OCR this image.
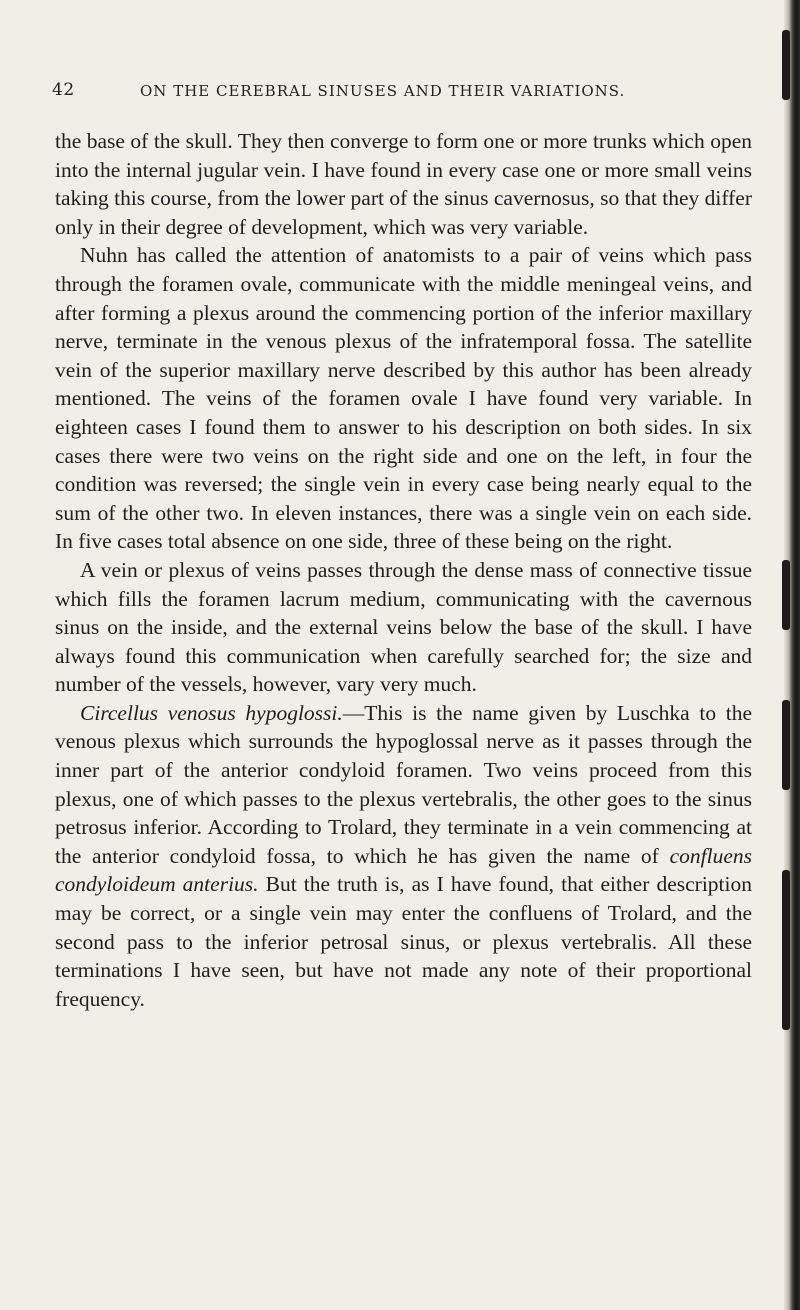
42	ON THE CEREBRAL SINUSES AND THEIR VARIATIONS.

the base of the skull. They then converge to form one or more trunks which open into the internal jugular vein. I have found in every case one or more small veins taking this course, from the lower part of the sinus cavernosus, so that they differ only in their degree of development, which was very variable.

Nuhn has called the attention of anatomists to a pair of veins which pass through the foramen ovale, communicate with the middle meningeal veins, and after forming a plexus around the commencing portion of the inferior maxillary nerve, terminate in the venous plexus of the infratemporal fossa. The satellite vein of the superior maxillary nerve described by this author has been already mentioned. The veins of the foramen ovale I have found very variable. In eighteen cases I found them to answer to his description on both sides. In six cases there were two veins on the right side and one on the left, in four the condition was reversed; the single vein in every case being nearly equal to the sum of the other two. In eleven instances, there was a single vein on each side. In five cases total absence on one side, three of these being on the right.

A vein or plexus of veins passes through the dense mass of connective tissue which fills the foramen lacrum medium, communicating with the cavernous sinus on the inside, and the external veins below the base of the skull. I have always found this communication when carefully searched for; the size and number of the vessels, however, vary very much.

Circellus venosus hypoglossi.—This is the name given by Luschka to the venous plexus which surrounds the hypoglossal nerve as it passes through the inner part of the anterior condyloid foramen. Two veins proceed from this plexus, one of which passes to the plexus vertebralis, the other goes to the sinus petrosus inferior. According to Trolard, they terminate in a vein commencing at the anterior condyloid fossa, to which he has given the name of confluens condyloideum anterius. But the truth is, as I have found, that either description may be correct, or a single vein may enter the confluens of Trolard, and the second pass to the inferior petrosal sinus, or plexus vertebralis. All these terminations I have seen, but have not made any note of their proportional frequency.
